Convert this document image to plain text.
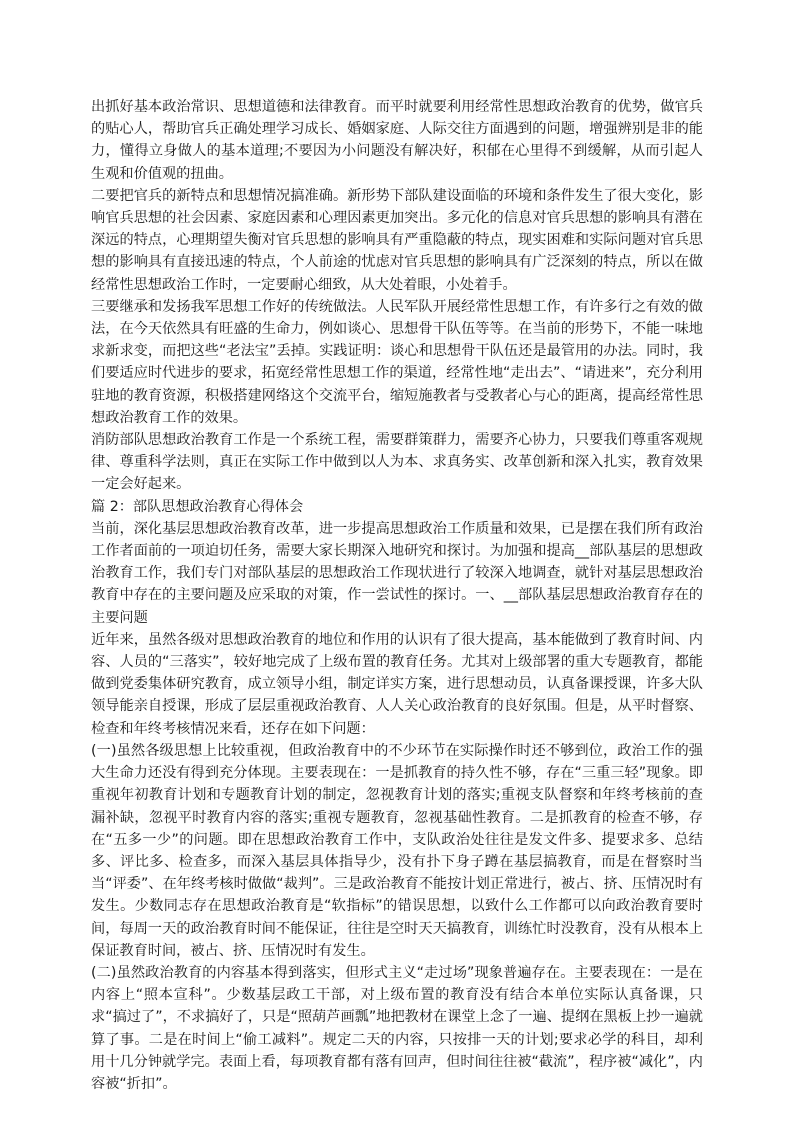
出抓好基本政治常识、思想道德和法律教育。而平时就要利用经常性思想政治教育的优势，做官兵的贴心人，帮助官兵正确处理学习成长、婚姻家庭、人际交往方面遇到的问题，增强辨别是非的能力，懂得立身做人的基本道理;不要因为小问题没有解决好，积郁在心里得不到缓解，从而引起人生观和价值观的扭曲。

二要把官兵的新特点和思想情况搞准确。新形势下部队建设面临的环境和条件发生了很大变化，影响官兵思想的社会因素、家庭因素和心理因素更加突出。多元化的信息对官兵思想的影响具有潜在深远的特点，心理期望失衡对官兵思想的影响具有严重隐蔽的特点，现实困难和实际问题对官兵思想的影响具有直接迅速的特点，个人前途的忧虑对官兵思想的影响具有广泛深刻的特点，所以在做经常性思想政治工作时，一定要耐心细致，从大处着眼，小处着手。

三要继承和发扬我军思想工作好的传统做法。人民军队开展经常性思想工作，有许多行之有效的做法，在今天依然具有旺盛的生命力，例如谈心、思想骨干队伍等等。在当前的形势下，不能一味地求新求变，而把这些“老法宝”丢掉。实践证明：谈心和思想骨干队伍还是最管用的办法。同时，我们要适应时代进步的要求，拓宽经常性思想工作的渠道，经常性地“走出去”、“请进来”，充分利用驻地的教育资源，积极搭建网络这个交流平台，缩短施教者与受教者心与心的距离，提高经常性思想政治教育工作的效果。

消防部队思想政治教育工作是一个系统工程，需要群策群力，需要齐心协力，只要我们尊重客观规律、尊重科学法则，真正在实际工作中做到以人为本、求真务实、改革创新和深入扎实，教育效果一定会好起来。

篇 2：部队思想政治教育心得体会

当前，深化基层思想政治教育改革，进一步提高思想政治工作质量和效果，已是摆在我们所有政治工作者面前的一项迫切任务，需要大家长期深入地研究和探讨。为加强和提高__部队基层的思想政治教育工作，我们专门对部队基层的思想政治工作现状进行了较深入地调查，就针对基层思想政治教育中存在的主要问题及应采取的对策，作一尝试性的探讨。一、__部队基层思想政治教育存在的主要问题

近年来，虽然各级对思想政治教育的地位和作用的认识有了很大提高，基本能做到了教育时间、内容、人员的“三落实”，较好地完成了上级布置的教育任务。尤其对上级部署的重大专题教育，都能做到党委集体研究教育，成立领导小组，制定详实方案，进行思想动员，认真备课授课，许多大队领导能亲自授课，形成了层层重视政治教育、人人关心政治教育的良好氛围。但是，从平时督察、检查和年终考核情况来看，还存在如下问题：

(一)虽然各级思想上比较重视，但政治教育中的不少环节在实际操作时还不够到位，政治工作的强大生命力还没有得到充分体现。主要表现在：一是抓教育的持久性不够，存在“三重三轻”现象。即重视年初教育计划和专题教育计划的制定，忽视教育计划的落实;重视支队督察和年终考核前的查漏补缺，忽视平时教育内容的落实;重视专题教育，忽视基础性教育。二是抓教育的检查不够，存在“五多一少”的问题。即在思想政治教育工作中，支队政治处往往是发文件多、提要求多、总结多、评比多、检查多，而深入基层具体指导少，没有扑下身子蹲在基层搞教育，而是在督察时当当“评委”、在年终考核时做做“裁判”。三是政治教育不能按计划正常进行，被占、挤、压情况时有发生。少数同志存在思想政治教育是“软指标”的错误思想，以致什么工作都可以向政治教育要时间，每周一天的政治教育时间不能保证，往往是空时天天搞教育，训练忙时没教育，没有从根本上保证教育时间，被占、挤、压情况时有发生。

(二)虽然政治教育的内容基本得到落实，但形式主义“走过场”现象普遍存在。主要表现在：一是在内容上“照本宣科”。少数基层政工干部，对上级布置的教育没有结合本单位实际认真备课，只求“搞过了”，不求搞好了，只是“照葫芦画瓢”地把教材在课堂上念了一遍、提纲在黑板上抄一遍就算了事。二是在时间上“偷工减料”。规定二天的内容，只按排一天的计划;要求必学的科目，却利用十几分钟就学完。表面上看，每项教育都有落有回声，但时间往往被“截流”，程序被“减化”，内容被“折扣”。
